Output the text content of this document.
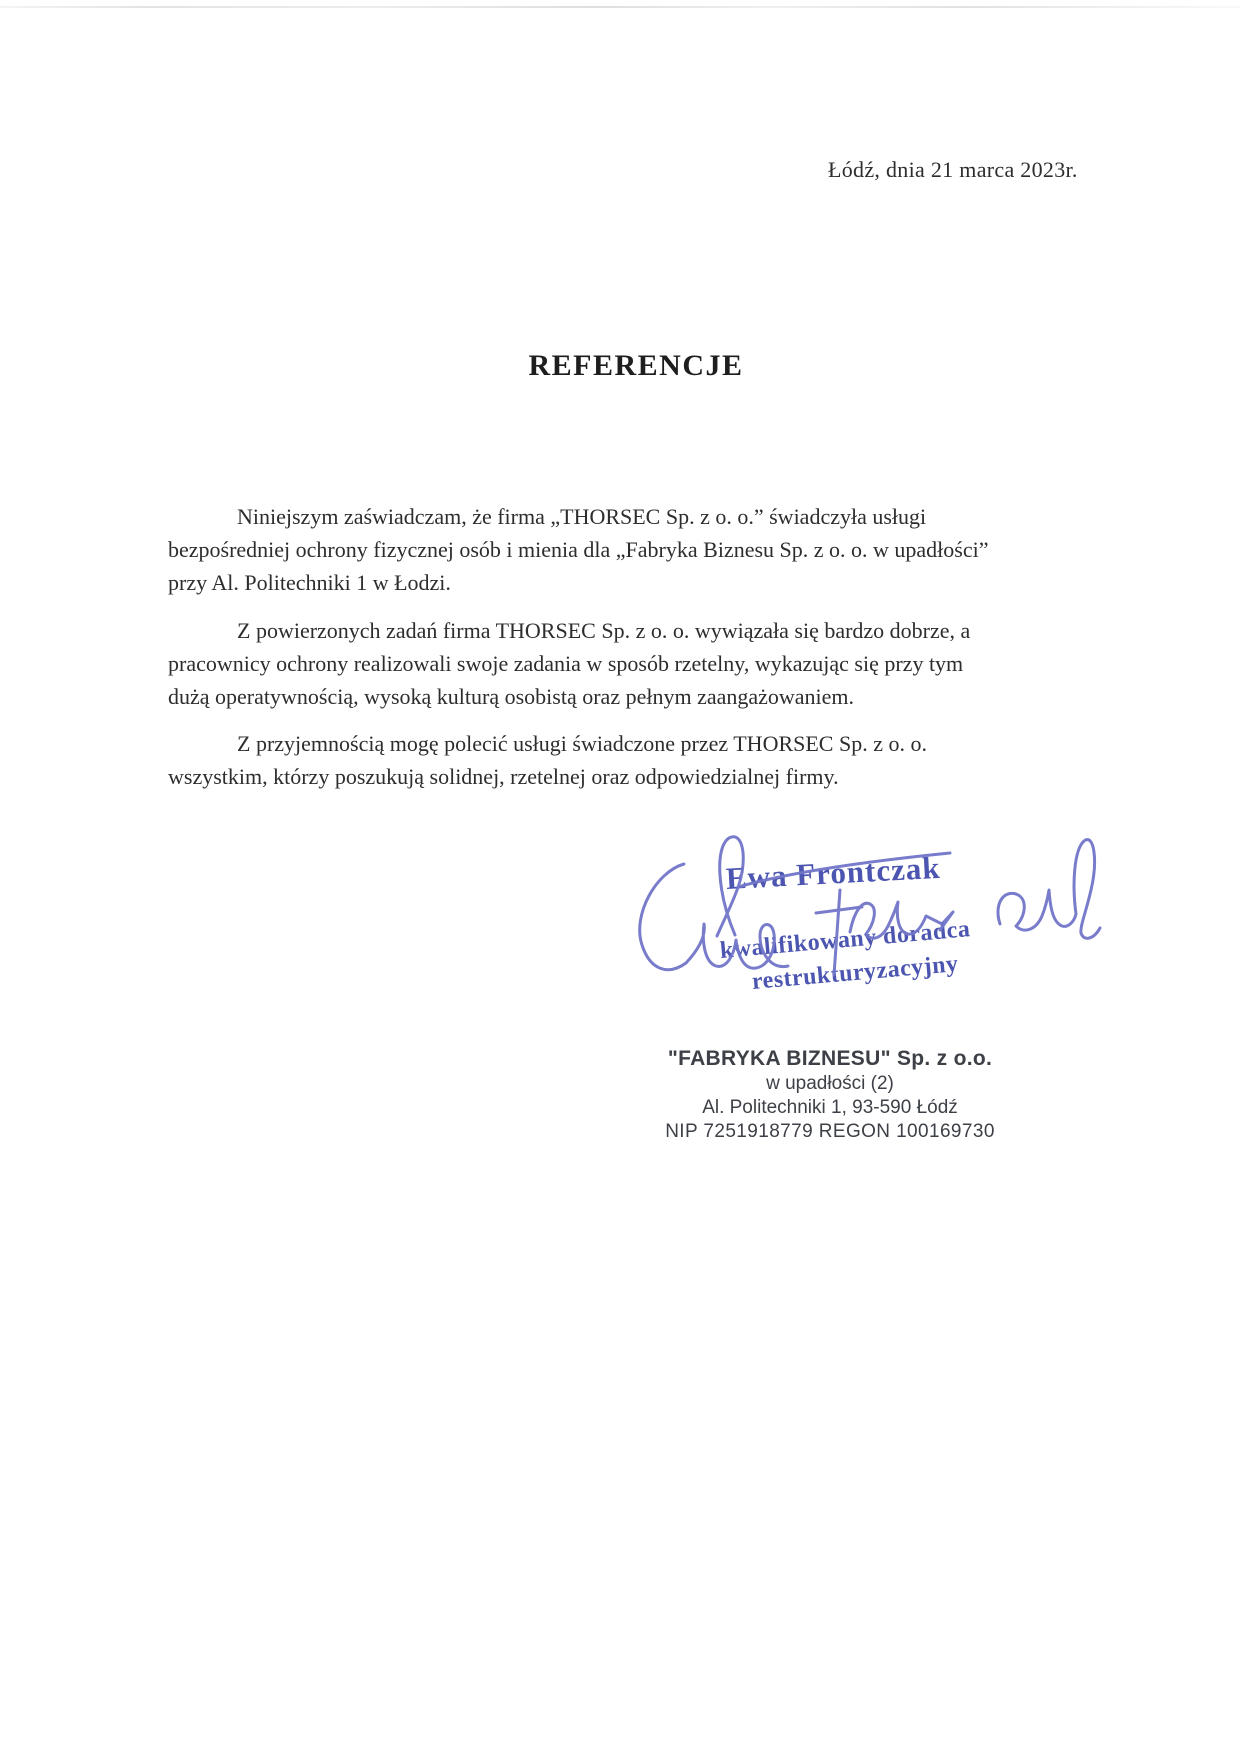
Łódź, dnia 21 marca 2023r.
REFERENCJE
Niniejszym zaświadczam, że firma „THORSEC Sp. z o. o.” świadczyła usługi
bezpośredniej ochrony fizycznej osób i mienia dla „Fabryka Biznesu Sp. z o. o. w upadłości”
przy Al. Politechniki 1 w Łodzi.
Z powierzonych zadań firma THORSEC Sp. z o. o. wywiązała się bardzo dobrze, a
pracownicy ochrony realizowali swoje zadania w sposób rzetelny, wykazując się przy tym
dużą operatywnością, wysoką kulturą osobistą oraz pełnym zaangażowaniem.
Z przyjemnością mogę polecić usługi świadczone przez THORSEC Sp. z o. o.
wszystkim, którzy poszukują solidnej, rzetelnej oraz odpowiedzialnej firmy.
Ewa Frontczak
kwalifikowany doradca
restrukturyzacyjny
"FABRYKA BIZNESU" Sp. z o.o.
w upadłości (2)
Al. Politechniki 1, 93-590 Łódź
NIP 7251918779 REGON 100169730
